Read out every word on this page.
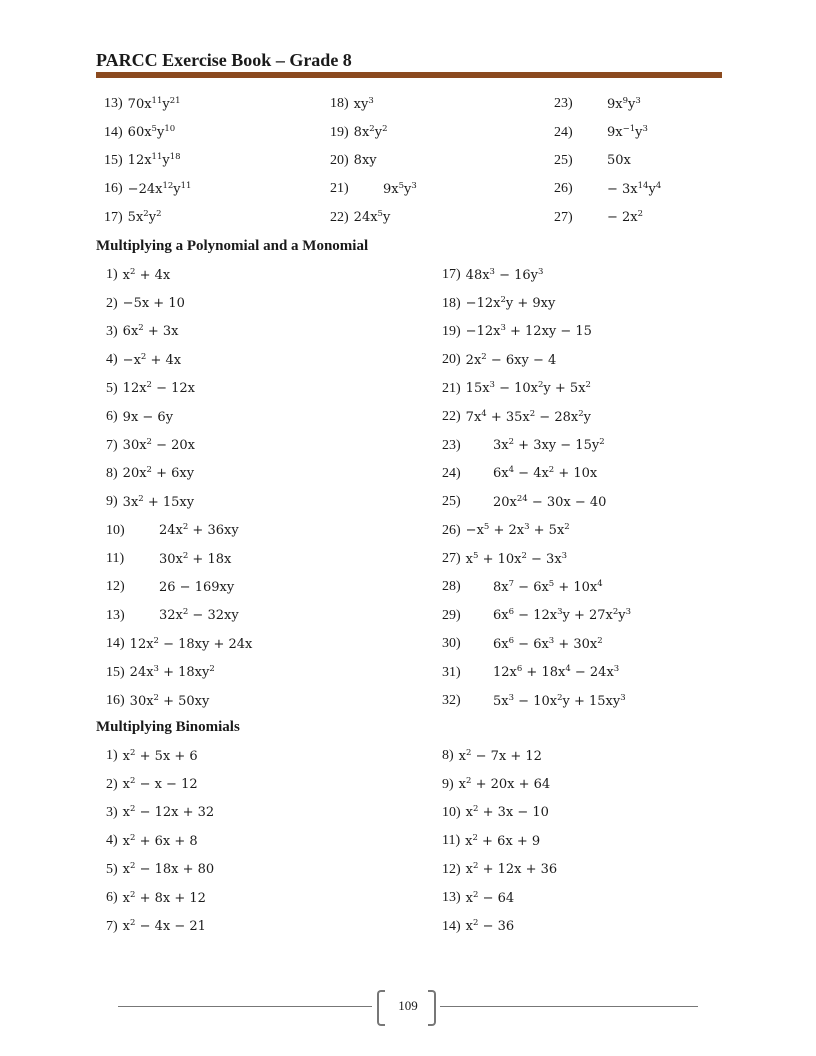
PARCC Exercise Book – Grade 8
13) $70x^{11}y^{21}$
14) $60x^5y^{10}$
15) $12x^{11}y^{18}$
$16) -24x^{12}y^{11}$
17) $5x^2y^2$
18) $xy^3$
19) $8x^2y^2$
20) 8xy
21)	$9x^5y^3$
22) $24x^5y$
23)	$9x^9y^3$
24)	$9x^{-1}y^3$
25)	50x
26)	− $3x^{14}y^4$
27)	− $2x^2$
Multiplying a Polynomial and a Monomial
1) $x^2 + 4x$
2) −5x + 10
3) $6x^2 + 3x$
$4) -x^2 + 4x$
5) $12x^2 - 12x$
6) 9x − 6y
7) $30x^2 - 20x$
8) $20x^2 + 6xy$
9) $3x^2 + 15xy$
10)	$24x^2 + 36xy$
11)	$30x^2 + 18x$
12)	26 − 169xy
13)	$32x^2 - 32xy$
14) $12x^2 - 18xy + 24x$
15) $24x^3 + 18xy^2$
16) $30x^2 + 50xy$
17) $48x^3 - 16y^3$
$18) -12x^2y + 9xy$
$19) -12x^3 + 12xy - 15$
20) $2x^2 - 6xy - 4$
21) $15x^3 - 10x^2y + 5x^2$
22) $7x^4 + 35x^2 - 28x^2y$
23)	$3x^2 + 3xy - 15y^2$
24)	$6x^4 - 4x^2 + 10x$
25)	$20x^{24} - 30x - 40$
$26) -x^5 + 2x^3 + 5x^2$
27) $x^5 + 10x^2 - 3x^3$
28)	$8x^7 - 6x^5 + 10x^4$
29)	$6x^6 - 12x^3y + 27x^2y^3$
30)	$6x^6 - 6x^3 + 30x^2$
31)	$12x^6 + 18x^4 - 24x^3$
32)	$5x^3 - 10x^2y + 15xy^3$
Multiplying Binomials
1) $x^2 + 5x + 6$
2) $x^2 - x - 12$
3) $x^2 - 12x + 32$
4) $x^2 + 6x + 8$
5) $x^2 - 18x + 80$
6) $x^2 + 8x + 12$
7) $x^2 - 4x - 21$
8) $x^2 - 7x + 12$
9) $x^2 + 20x + 64$
10) $x^2 + 3x - 10$
11) $x^2 + 6x + 9$
12) $x^2 + 12x + 36$
13) $x^2 - 64$
14) $x^2 - 36$
109
